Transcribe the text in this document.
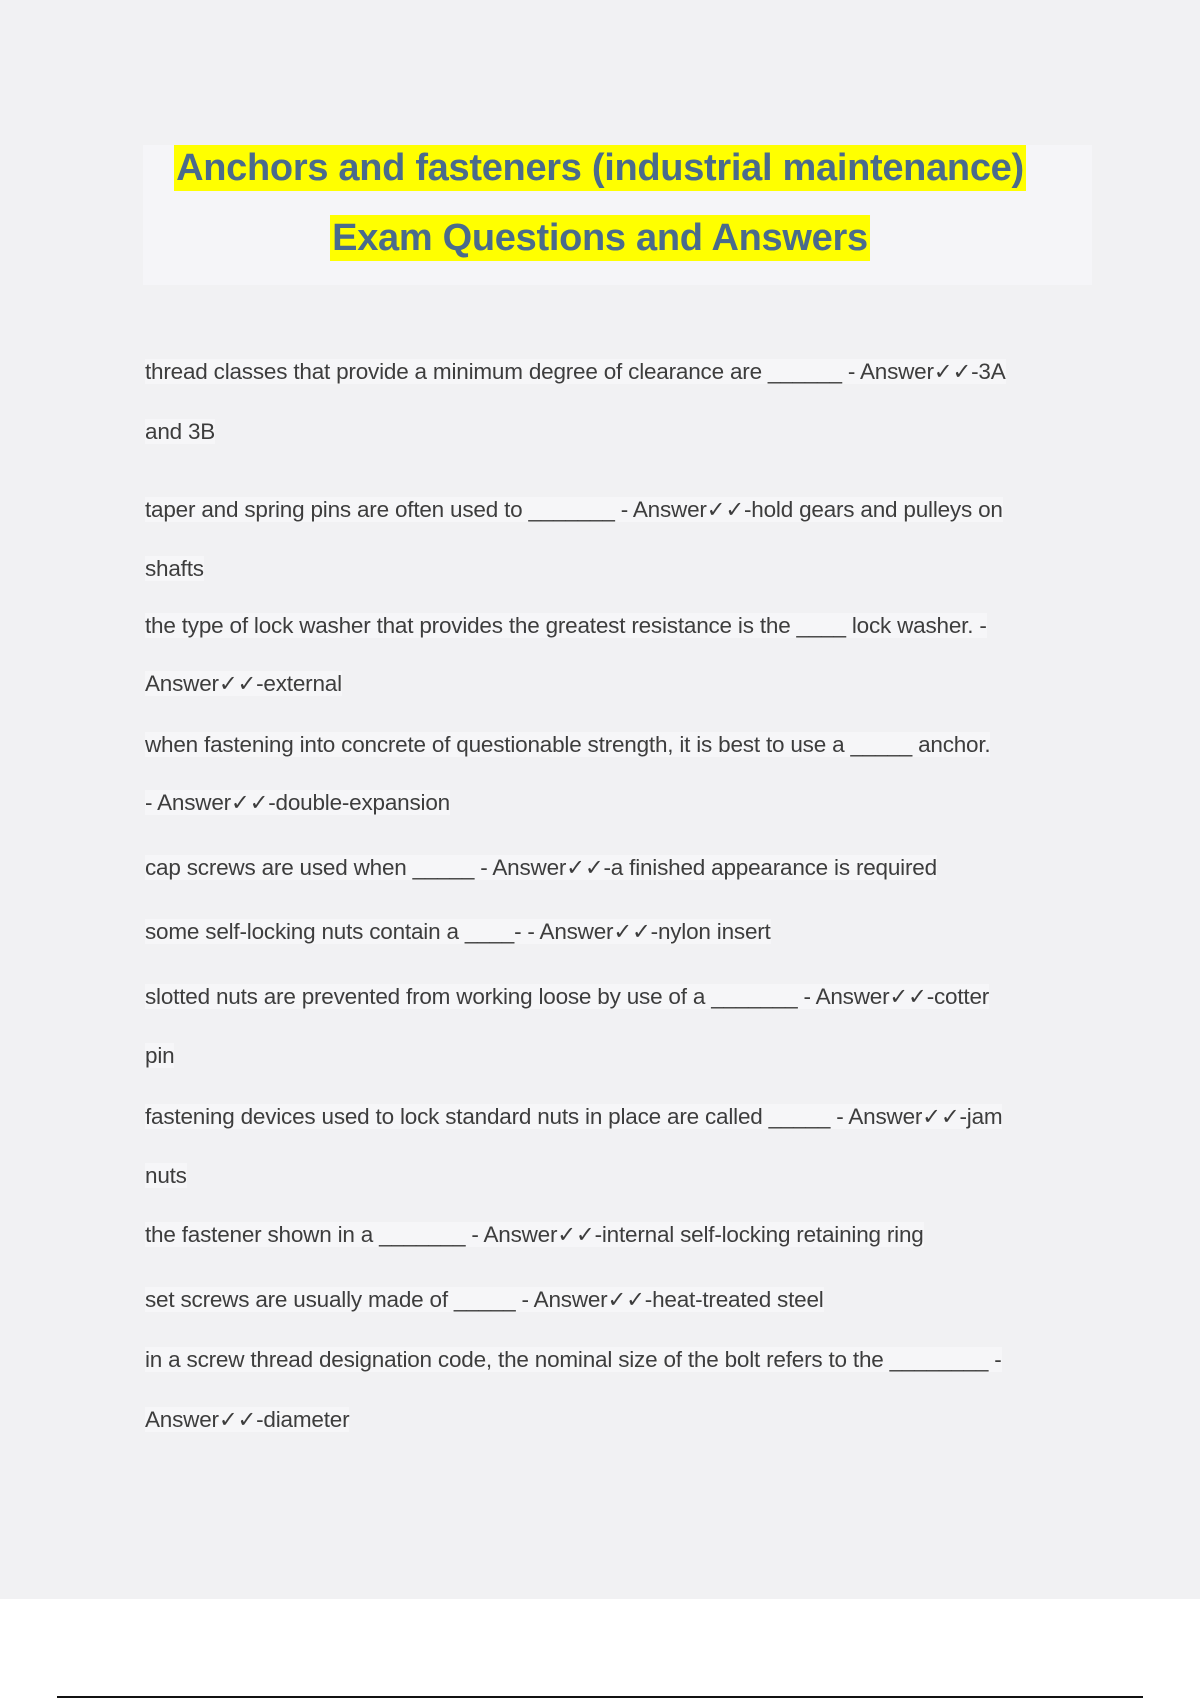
Anchors and fasteners (industrial maintenance)
Exam Questions and Answers
thread classes that provide a minimum degree of clearance are ______ - Answer✓✓-3A
and 3B
taper and spring pins are often used to _______ - Answer✓✓-hold gears and pulleys on
shafts
the type of lock washer that provides the greatest resistance is the ____ lock washer. -
Answer✓✓-external
when fastening into concrete of questionable strength, it is best to use a _____ anchor.
- Answer✓✓-double-expansion
cap screws are used when _____ - Answer✓✓-a finished appearance is required
some self-locking nuts contain a ____- - Answer✓✓-nylon insert
slotted nuts are prevented from working loose by use of a _______ - Answer✓✓-cotter
pin
fastening devices used to lock standard nuts in place are called _____ - Answer✓✓-jam
nuts
the fastener shown in a _______ - Answer✓✓-internal self-locking retaining ring
set screws are usually made of _____ - Answer✓✓-heat-treated steel
in a screw thread designation code, the nominal size of the bolt refers to the ________ -
Answer✓✓-diameter
